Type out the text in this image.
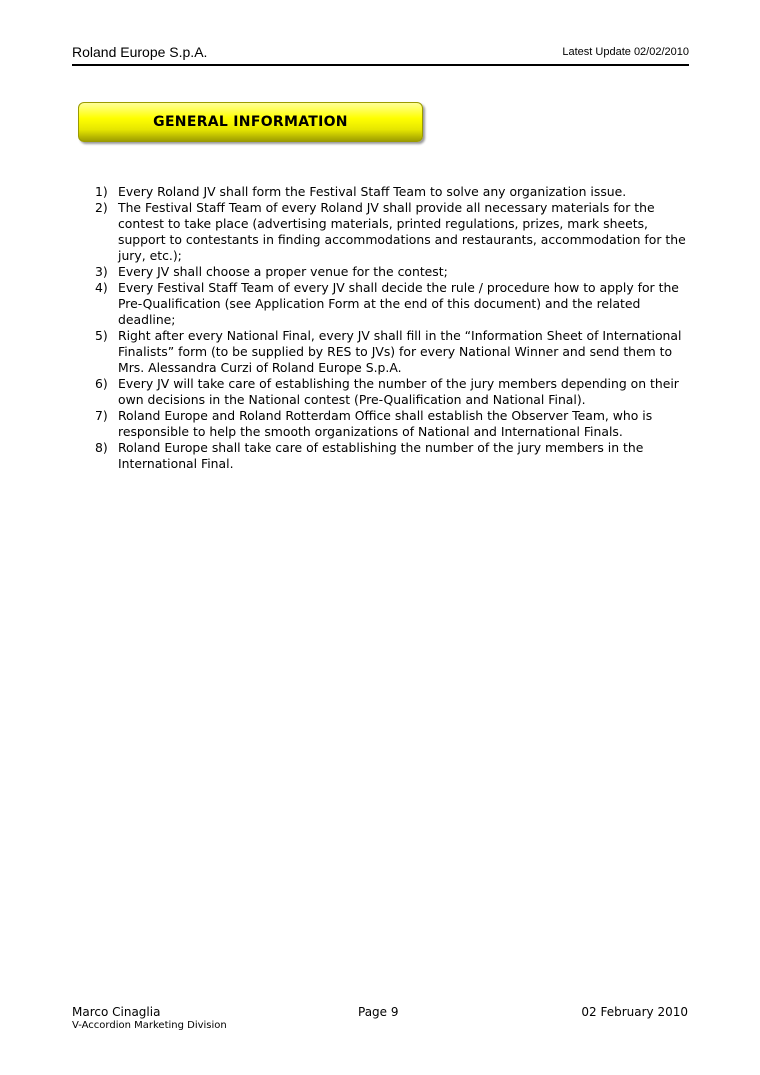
Roland Europe S.p.A.	Latest Update 02/02/2010
GENERAL INFORMATION
1) Every Roland JV shall form the Festival Staff Team to solve any organization issue.
2) The Festival Staff Team of every Roland JV shall provide all necessary materials for the contest to take place (advertising materials, printed regulations, prizes, mark sheets, support to contestants in finding accommodations and restaurants, accommodation for the jury, etc.);
3) Every JV shall choose a proper venue for the contest;
4) Every Festival Staff Team of every JV shall decide the rule / procedure how to apply for the Pre-Qualification (see Application Form at the end of this document) and the related deadline;
5) Right after every National Final, every JV shall fill in the “Information Sheet of International Finalists” form (to be supplied by RES to JVs) for every National Winner and send them to Mrs. Alessandra Curzi of Roland Europe S.p.A.
6) Every JV will take care of establishing the number of the jury members depending on their own decisions in the National contest (Pre-Qualification and National Final).
7) Roland Europe and Roland Rotterdam Office shall establish the Observer Team, who is responsible to help the smooth organizations of National and International Finals.
8) Roland Europe shall take care of establishing the number of the jury members in the International Final.
Marco Cinaglia
V-Accordion Marketing Division
Page 9	02 February 2010
